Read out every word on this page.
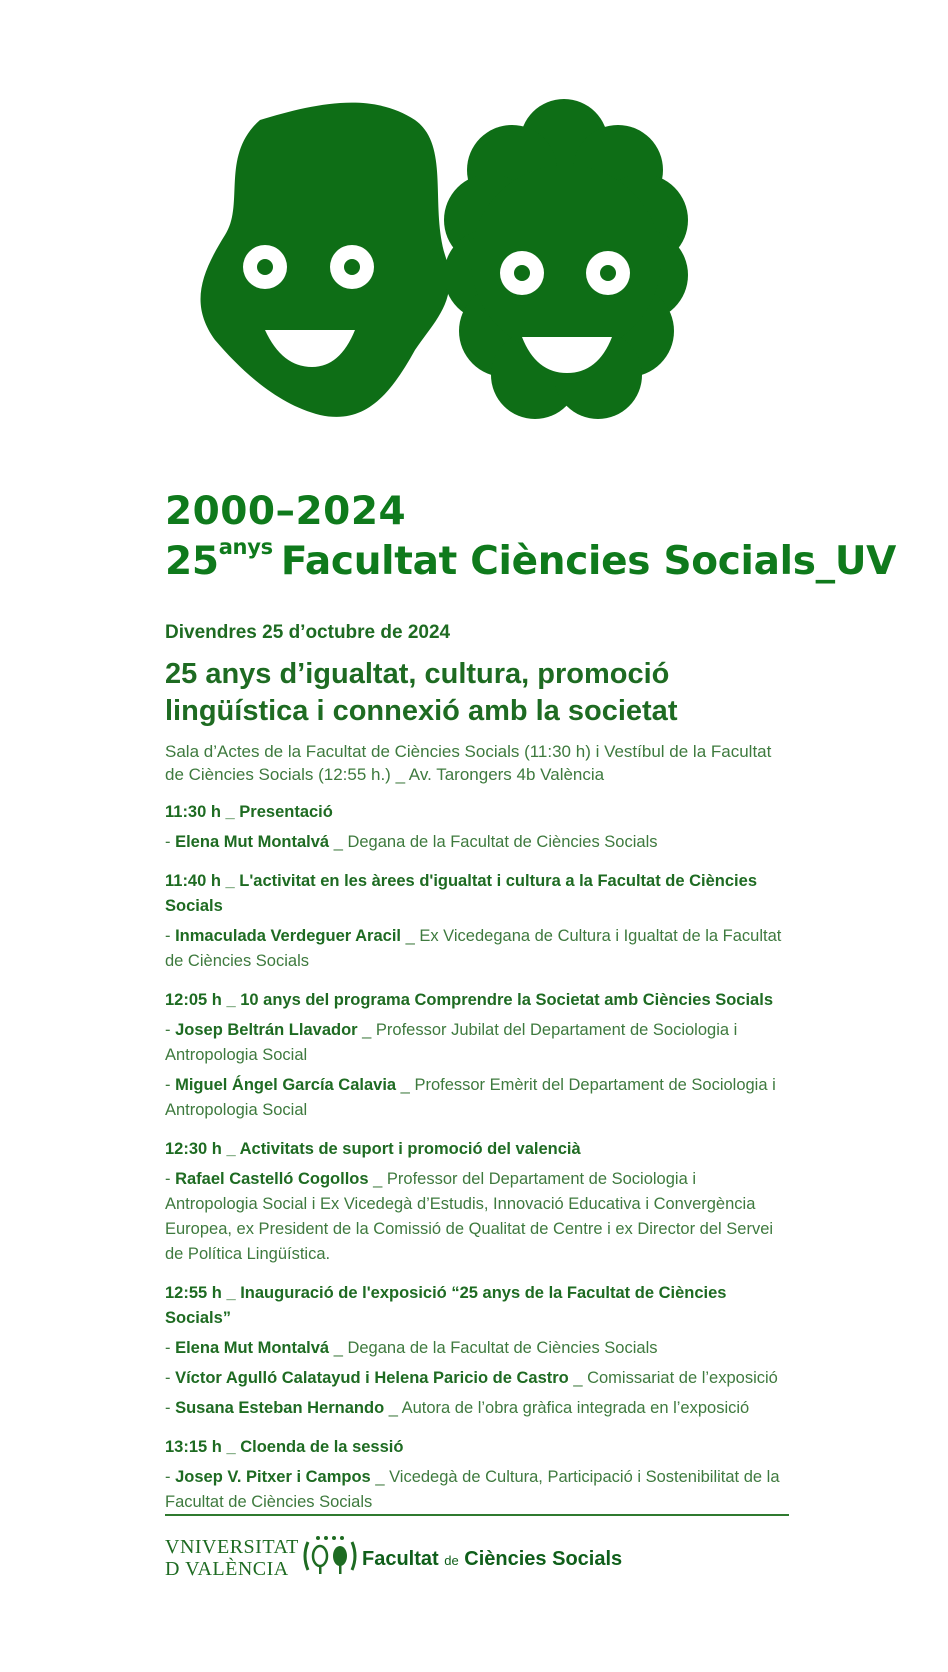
2000–2024
$25^{anys}$ Facultat Ciències Socials_UV
Divendres 25 d’octubre de 2024
25 anys d’igualtat, cultura, promoció lingüística i connexió amb la societat
Sala d’Actes de la Facultat de Ciències Socials (11:30 h) i Vestíbul de la Facultat de Ciències Socials (12:55 h.) _ Av. Tarongers 4b València
11:30 h _ Presentació
- Elena Mut Montalvá _ Degana de la Facultat de Ciències Socials
11:40 h _ L'activitat en les àrees d'igualtat i cultura a la Facultat de Ciències Socials
- Inmaculada Verdeguer Aracil _ Ex Vicedegana de Cultura i Igualtat de la Facultat de Ciències Socials
12:05 h _ 10 anys del programa Comprendre la Societat amb Ciències Socials
- Josep Beltrán Llavador _ Professor Jubilat del Departament de Sociologia i Antropologia Social
- Miguel Ángel García Calavia _ Professor Emèrit del Departament de Sociologia i Antropologia Social
12:30 h _ Activitats de suport i promoció del valencià
- Rafael Castelló Cogollos _ Professor del Departament de Sociologia i Antropologia Social i Ex Vicedegà d’Estudis, Innovació Educativa i Convergència Europea, ex President de la Comissió de Qualitat de Centre i ex Director del Servei de Política Lingüística.
12:55 h _ Inauguració de l'exposició “25 anys de la Facultat de Ciències Socials”
- Elena Mut Montalvá _ Degana de la Facultat de Ciències Socials
- Víctor Agulló Calatayud i Helena Paricio de Castro _ Comissariat de l’exposició
- Susana Esteban Hernando _ Autora de l’obra gràfica integrada en l’exposició
13:15 h _ Cloenda de la sessió
- Josep V. Pitxer i Campos _ Vicedegà de Cultura, Participació i Sostenibilitat de la Facultat de Ciències Socials
VNIVERSITAT
D VALÈNCIA	Facultat de Ciències Socials
